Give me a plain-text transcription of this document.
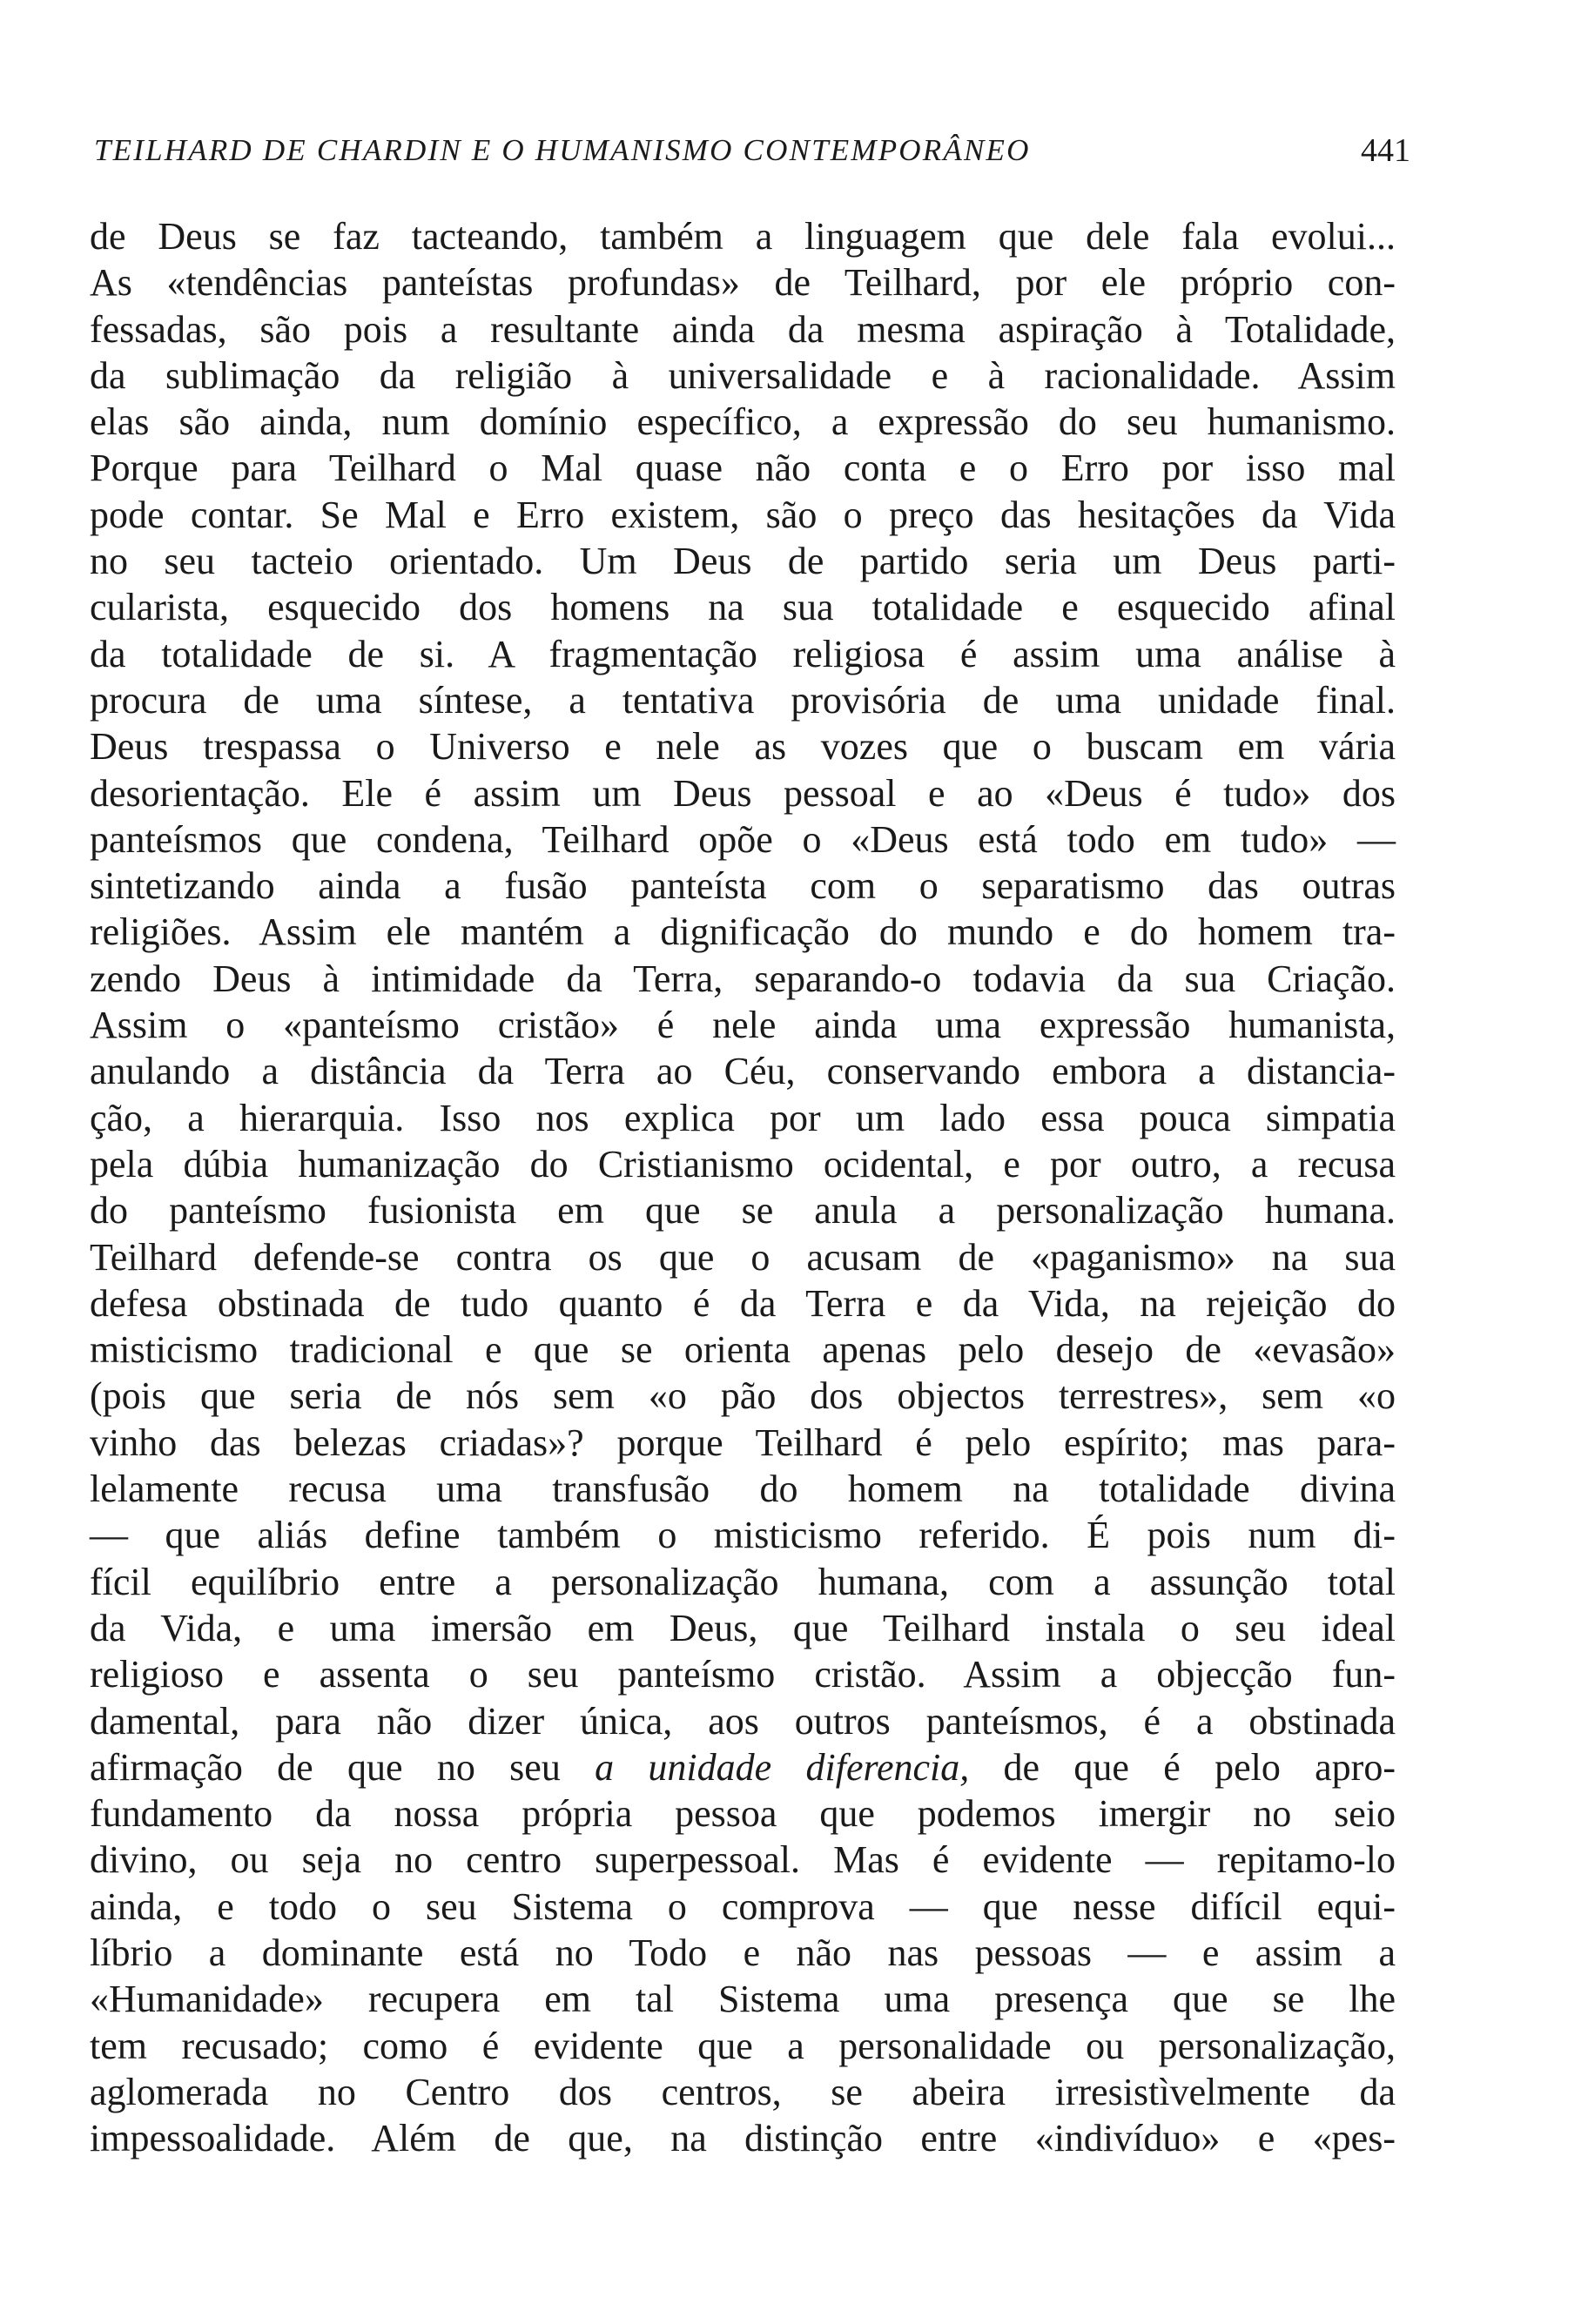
TEILHARD DE CHARDIN E O HUMANISMO CONTEMPORÂNEO	441
de Deus se faz tacteando, também a linguagem que dele fala evolui...
As «tendências panteístas profundas» de Teilhard, por ele próprio con-
fessadas, são pois a resultante ainda da mesma aspiração à Totalidade,
da sublimação da religião à universalidade e à racionalidade. Assim
elas são ainda, num domínio específico, a expressão do seu humanismo.
Porque para Teilhard o Mal quase não conta e o Erro por isso mal
pode contar. Se Mal e Erro existem, são o preço das hesitações da Vida
no seu tacteio orientado. Um Deus de partido seria um Deus parti-
cularista, esquecido dos homens na sua totalidade e esquecido afinal
da totalidade de si. A fragmentação religiosa é assim uma análise à
procura de uma síntese, a tentativa provisória de uma unidade final.
Deus trespassa o Universo e nele as vozes que o buscam em vária
desorientação. Ele é assim um Deus pessoal e ao «Deus é tudo» dos
panteísmos que condena, Teilhard opõe o «Deus está todo em tudo» —
sintetizando ainda a fusão panteísta com o separatismo das outras
religiões. Assim ele mantém a dignificação do mundo e do homem tra-
zendo Deus à intimidade da Terra, separando-o todavia da sua Criação.
Assim o «panteísmo cristão» é nele ainda uma expressão humanista,
anulando a distância da Terra ao Céu, conservando embora a distancia-
ção, a hierarquia. Isso nos explica por um lado essa pouca simpatia
pela dúbia humanização do Cristianismo ocidental, e por outro, a recusa
do panteísmo fusionista em que se anula a personalização humana.
Teilhard defende-se contra os que o acusam de «paganismo» na sua
defesa obstinada de tudo quanto é da Terra e da Vida, na rejeição do
misticismo tradicional e que se orienta apenas pelo desejo de «evasão»
(pois que seria de nós sem «o pão dos objectos terrestres», sem «o
vinho das belezas criadas»? porque Teilhard é pelo espírito; mas para-
lelamente recusa uma transfusão do homem na totalidade divina
— que aliás define também o misticismo referido. É pois num di-
fícil equilíbrio entre a personalização humana, com a assunção total
da Vida, e uma imersão em Deus, que Teilhard instala o seu ideal
religioso e assenta o seu panteísmo cristão. Assim a objecção fun-
damental, para não dizer única, aos outros panteísmos, é a obstinada
afirmação de que no seu a unidade diferencia, de que é pelo apro-
fundamento da nossa própria pessoa que podemos imergir no seio
divino, ou seja no centro superpessoal. Mas é evidente — repitamo-lo
ainda, e todo o seu Sistema o comprova — que nesse difícil equi-
líbrio a dominante está no Todo e não nas pessoas — e assim a
«Humanidade» recupera em tal Sistema uma presença que se lhe
tem recusado; como é evidente que a personalidade ou personalização,
aglomerada no Centro dos centros, se abeira irresistìvelmente da
impessoalidade. Além de que, na distinção entre «indivíduo» e «pes-
